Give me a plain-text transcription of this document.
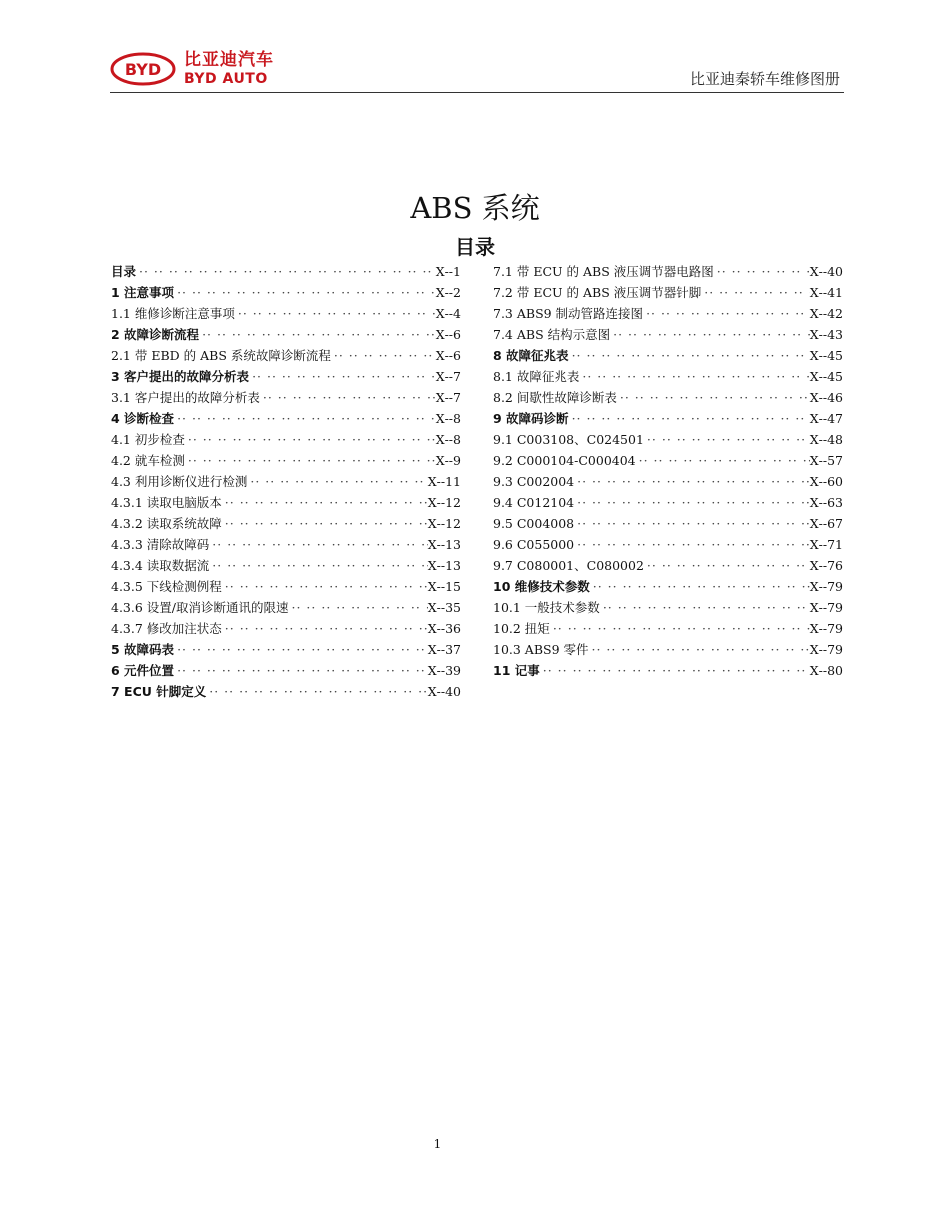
BYD 比亚迪汽车
BYD AUTO	比亚迪秦轿车维修图册
ABS 系统
目录
目录 ·· ··	Ⅹ--1
1 注意事项 ·· ··	Ⅹ--2
1.1 维修诊断注意事项 ·· ··	Ⅹ--4
2 故障诊断流程 ·· ··	Ⅹ--6
2.1 带 EBD 的 ABS 系统故障诊断流程 ·· ··	Ⅹ--6
3 客户提出的故障分析表 ·· ··	Ⅹ--7
3.1 客户提出的故障分析表 ·· ··	Ⅹ--7
4 诊断检查 ·· ··	Ⅹ--8
4.1 初步检查 ·· ··	Ⅹ--8
4.2 就车检测 ·· ··	Ⅹ--9
4.3 利用诊断仪进行检测 ·· ··	Ⅹ--11
4.3.1 读取电脑版本 ·· ··	Ⅹ--12
4.3.2 读取系统故障 ·· ··	Ⅹ--12
4.3.3 清除故障码 ·· ··	Ⅹ--13
4.3.4 读取数据流 ·· ··	Ⅹ--13
4.3.5 下线检测例程 ·· ··	Ⅹ--15
4.3.6 设置/取消诊断通讯的限速 ·· ··	Ⅹ--35
4.3.7 修改加注状态 ·· ··	Ⅹ--36
5 故障码表 ·· ··	Ⅹ--37
6 元件位置 ·· ··	Ⅹ--39
7 ECU 针脚定义 ·· ··	Ⅹ--40
7.1 带 ECU 的 ABS 液压调节器电路图 ·· ··	Ⅹ--40
7.2 带 ECU 的 ABS 液压调节器针脚 ·· ··	Ⅹ--41
7.3 ABS9 制动管路连接图 ·· ··	Ⅹ--42
7.4 ABS 结构示意图 ·· ··	Ⅹ--43
8 故障征兆表 ·· ··	Ⅹ--45
8.1 故障征兆表 ·· ··	Ⅹ--45
8.2 间歇性故障诊断表 ·· ··	Ⅹ--46
9 故障码诊断 ·· ··	Ⅹ--47
9.1 C003108、C024501 ·· ··	Ⅹ--48
9.2 C000104-C000404 ·· ··	Ⅹ--57
9.3 C002004 ·· ··	Ⅹ--60
9.4 C012104 ·· ··	Ⅹ--63
9.5 C004008 ·· ··	Ⅹ--67
9.6 C055000 ·· ··	Ⅹ--71
9.7 C080001、C080002 ·· ··	Ⅹ--76
10 维修技术参数 ·· ··	Ⅹ--79
10.1 一般技术参数 ·· ··	Ⅹ--79
10.2 扭矩 ·· ··	Ⅹ--79
10.3 ABS9 零件 ·· ··	Ⅹ--79
11 记事 ·· ··	Ⅹ--80
1
